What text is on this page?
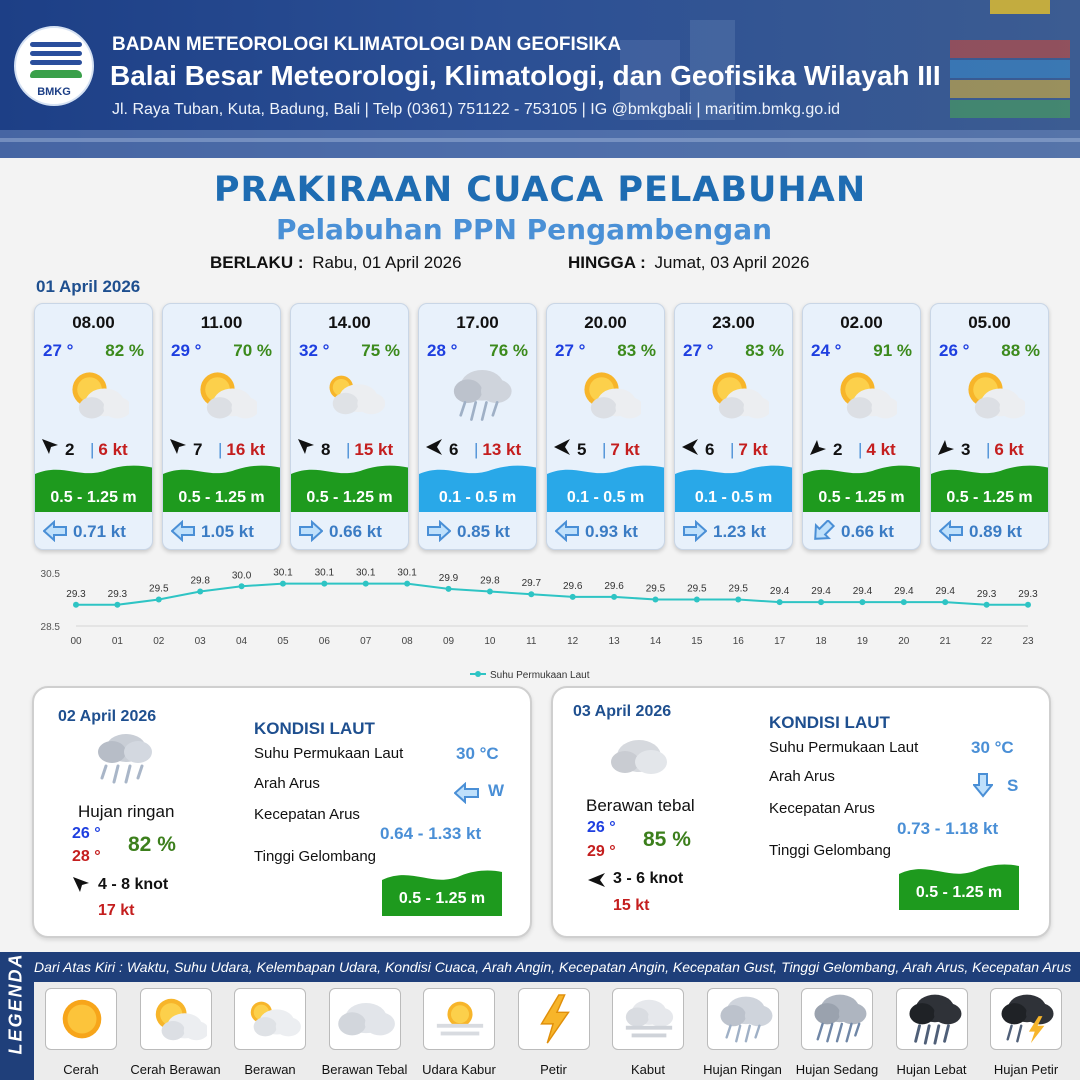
BMKG
BADAN METEOROLOGI KLIMATOLOGI DAN GEOFISIKA
Balai Besar Meteorologi, Klimatologi, dan Geofisika Wilayah III
Jl. Raya Tuban, Kuta, Badung, Bali | Telp (0361) 751122 - 753105 | IG @bmkgbali | maritim.bmkg.go.id
PRAKIRAAN CUACA PELABUHAN
Pelabuhan PPN Pengambengan
BERLAKU : Rabu, 01 April 2026	HINGGA : Jumat, 03 April 2026
01 April 2026
08.00
27 ° 82 %
2 | 6 kt
0.5 - 1.25 m
0.71 kt
11.00
29 ° 70 %
7 | 16 kt
0.5 - 1.25 m
1.05 kt
14.00
32 ° 75 %
8 | 15 kt
0.5 - 1.25 m
0.66 kt
17.00
28 ° 76 %
6 | 13 kt
0.1 - 0.5 m
0.85 kt
20.00
27 ° 83 %
5 | 7 kt
0.1 - 0.5 m
0.93 kt
23.00
27 ° 83 %
6 | 7 kt
0.1 - 0.5 m
1.23 kt
02.00
24 ° 91 %
2 | 4 kt
0.5 - 1.25 m
0.66 kt
05.00
26 ° 88 %
3 | 6 kt
0.5 - 1.25 m
0.89 kt
30.5
28.5
29.3 29.3 29.5
29.8 30.0 30.1 30.1 30.1 30.1 29.9 29.8 29.7 29.6 29.6 29.5 29.5 29.5 29.4 29.4 29.4 29.4 29.4 29.3 29.3
00	01	02	03	04	05	06	07	08	09	10	11	12	13	14	15	16	17	18	19	20	21	22	23
Suhu Permukaan Laut
02 April 2026
Hujan ringan
26 °
28 °
82 %
4 - 8 knot
17 kt
KONDISI LAUT
Suhu Permukaan Laut	30 °C
Arah Arus	W
Kecepatan Arus
0.64 - 1.33 kt
Tinggi Gelombang
0.5 - 1.25 m
03 April 2026
Berawan tebal
26 °
29 °
85 %
3 - 6 knot
15 kt
KONDISI LAUT
Suhu Permukaan Laut	30 °C
Arah Arus	S
Kecepatan Arus
0.73 - 1.18 kt
Tinggi Gelombang
0.5 - 1.25 m
LEGENDA Dari Atas Kiri : Waktu, Suhu Udara, Kelembapan Udara, Kondisi Cuaca, Arah Angin, Kecepatan Angin, Kecepatan Gust, Tinggi Gelombang, Arah Arus, Kecepatan Arus
Cerah	Cerah Berawan	Berawan	Berawan Tebal	Udara Kabur	Petir	Kabut	Hujan Ringan	Hujan Sedang	Hujan Lebat	Hujan Petir
